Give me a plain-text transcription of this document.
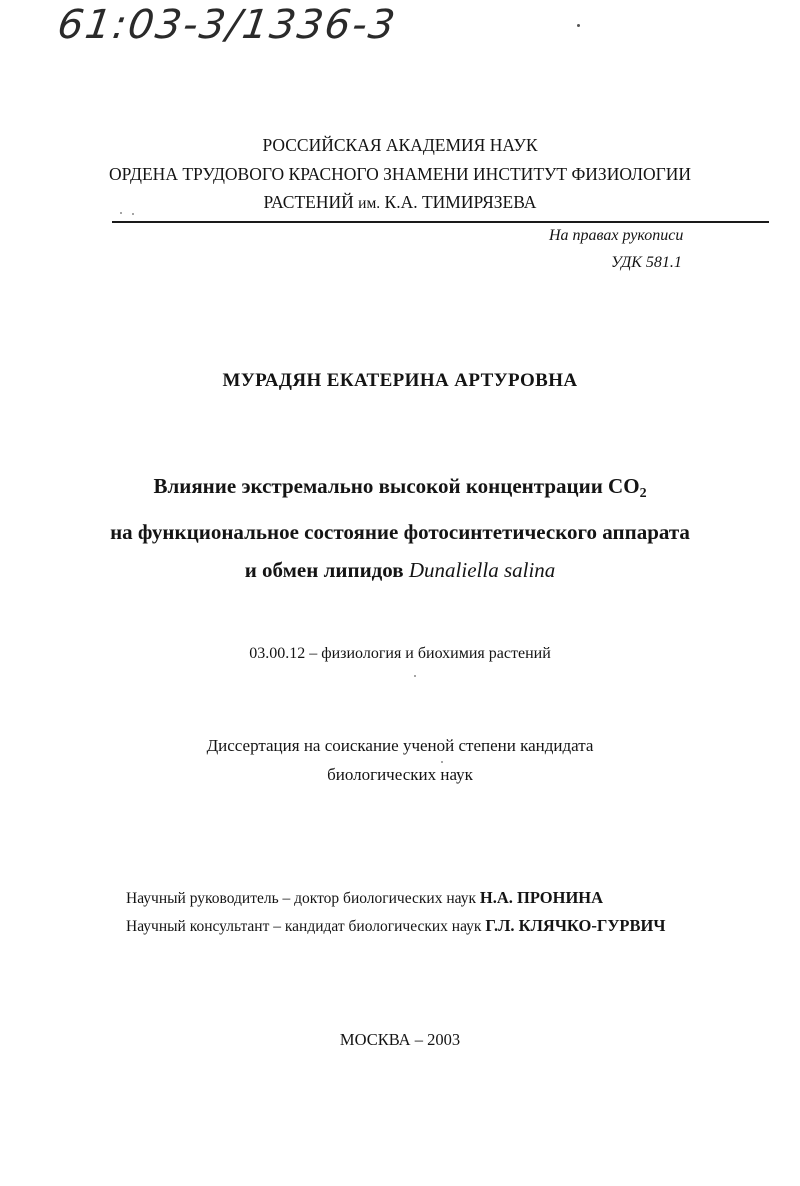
61:03-3/1336-3
РОССИЙСКАЯ АКАДЕМИЯ НАУК
ОРДЕНА ТРУДОВОГО КРАСНОГО ЗНАМЕНИ ИНСТИТУТ ФИЗИОЛОГИИ
РАСТЕНИЙ им. К.А. ТИМИРЯЗЕВА
На правах рукописи
УДК 581.1
МУРАДЯН ЕКАТЕРИНА АРТУРОВНА
Влияние экстремально высокой концентрации $CO_2$
на функциональное состояние фотосинтетического аппарата
и обмен липидов Dunaliella salina
03.00.12 – физиология и биохимия растений
Диссертация на соискание ученой степени кандидата
биологических наук
Научный руководитель – доктор биологических наук Н.А. ПРОНИНА
Научный консультант – кандидат биологических наук Г.Л. КЛЯЧКО-ГУРВИЧ
МОСКВА – 2003
